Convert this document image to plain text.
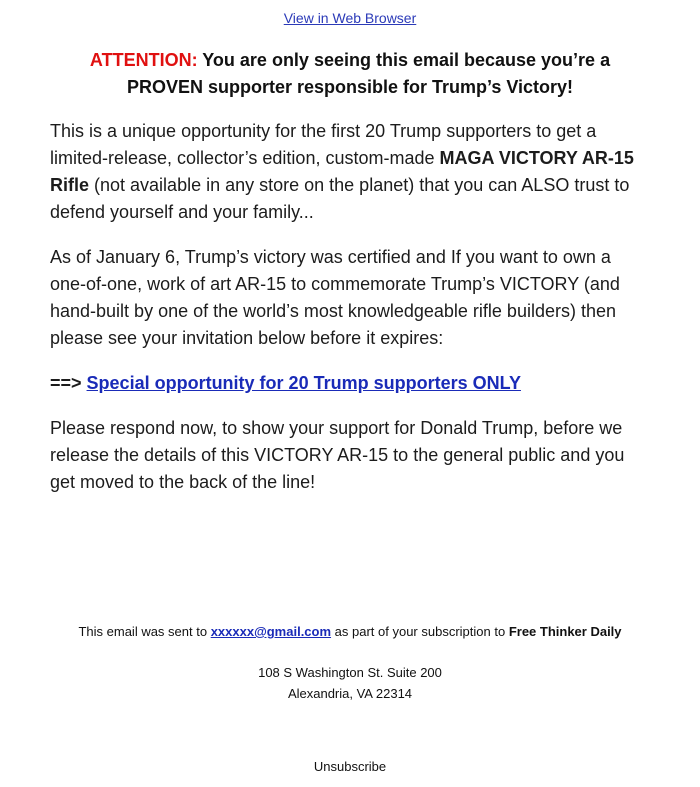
View in Web Browser
ATTENTION: You are only seeing this email because you’re a
PROVEN supporter responsible for Trump’s Victory!
This is a unique opportunity for the first 20 Trump supporters to get a limited-release, collector’s edition, custom-made MAGA VICTORY AR-15 Rifle (not available in any store on the planet) that you can ALSO trust to defend yourself and your family...
As of January 6, Trump’s victory was certified and If you want to own a one-of-one, work of art AR-15 to commemorate Trump’s VICTORY (and hand-built by one of the world’s most knowledgeable rifle builders) then please see your invitation below before it expires:
==> Special opportunity for 20 Trump supporters ONLY
Please respond now, to show your support for Donald Trump, before we release the details of this VICTORY AR-15 to the general public and you get moved to the back of the line!
This email was sent to xxxxxx@gmail.com as part of your subscription to Free Thinker Daily
108 S Washington St. Suite 200
Alexandria, VA 22314
Unsubscribe
